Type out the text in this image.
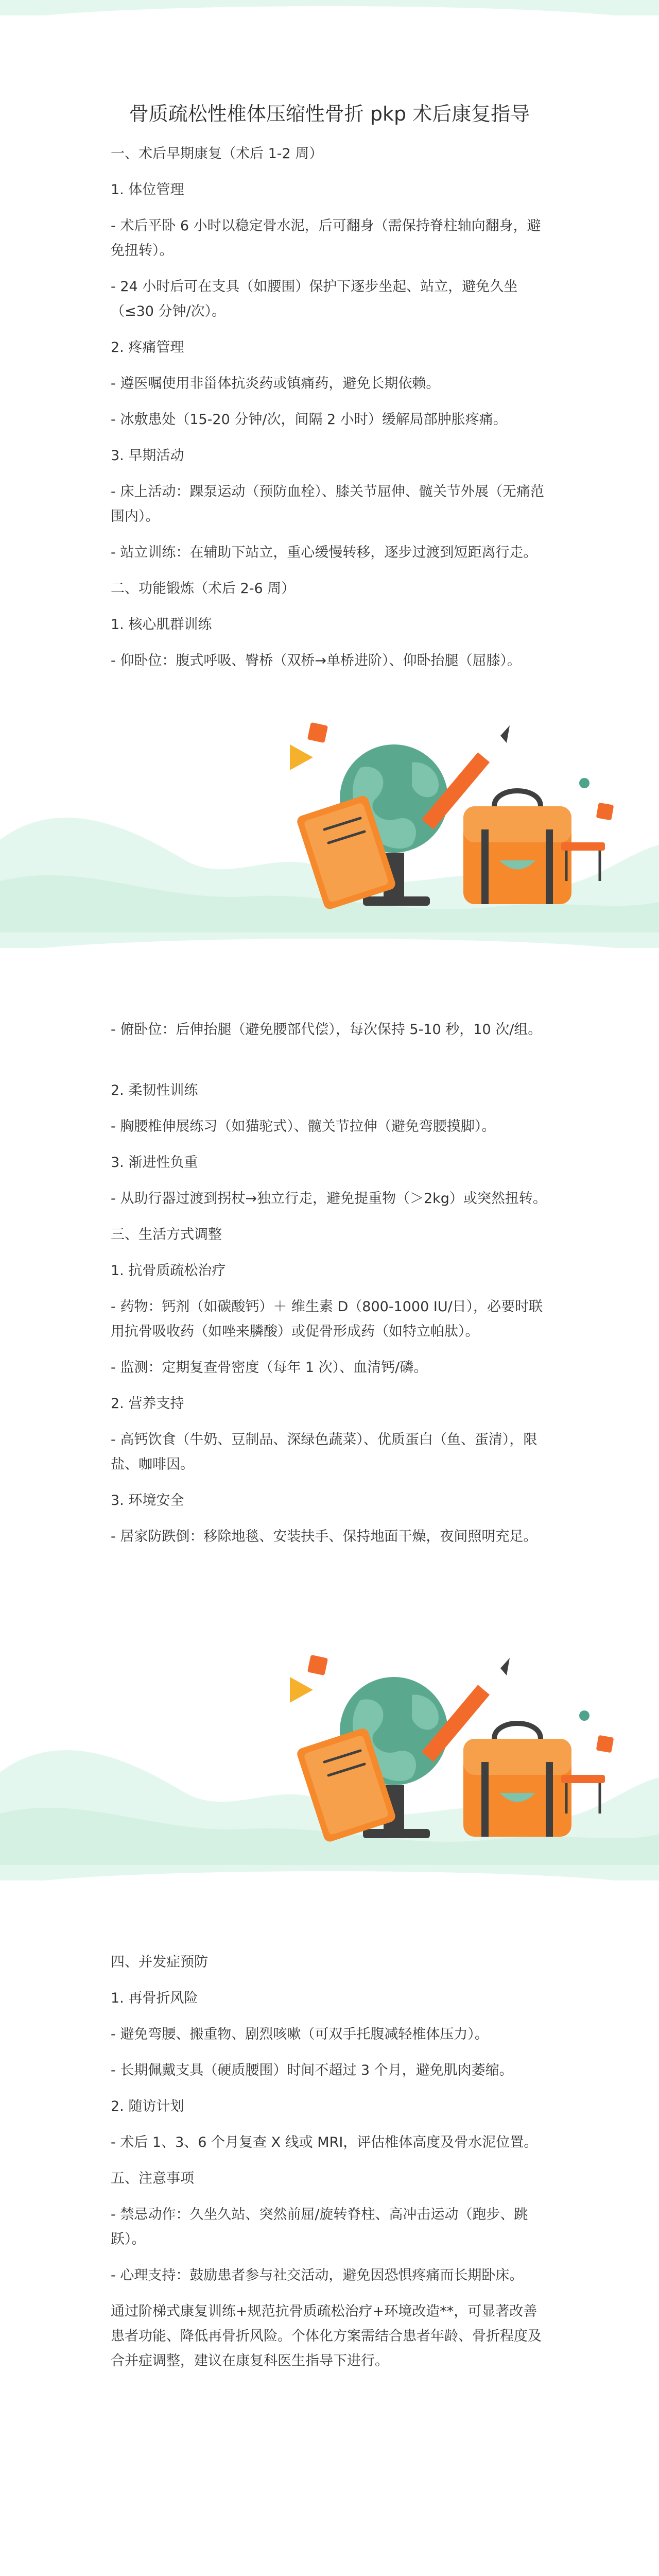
骨质疏松性椎体压缩性骨折 pkp 术后康复指导

一、术后早期康复（术后 1-2 周）

1. 体位管理

- 术后平卧 6 小时以稳定骨水泥，后可翻身（需保持脊柱轴向翻身，避免扭转）。

- 24 小时后可在支具（如腰围）保护下逐步坐起、站立，避免久坐（≤30 分钟/次）。

2. 疼痛管理

- 遵医嘱使用非甾体抗炎药或镇痛药，避免长期依赖。

- 冰敷患处（15-20 分钟/次，间隔 2 小时）缓解局部肿胀疼痛。

3. 早期活动

- 床上活动：踝泵运动（预防血栓）、膝关节屈伸、髋关节外展（无痛范围内）。

- 站立训练：在辅助下站立，重心缓慢转移，逐步过渡到短距离行走。

二、功能锻炼（术后 2-6 周）

1. 核心肌群训练

- 仰卧位：腹式呼吸、臀桥（双桥→单桥进阶）、仰卧抬腿（屈膝）。

- 俯卧位：后伸抬腿（避免腰部代偿），每次保持 5-10 秒，10 次/组。

2. 柔韧性训练

- 胸腰椎伸展练习（如猫驼式）、髋关节拉伸（避免弯腰摸脚）。

3. 渐进性负重

- 从助行器过渡到拐杖→独立行走，避免提重物（＞2kg）或突然扭转。

三、生活方式调整

1. 抗骨质疏松治疗

- 药物：钙剂（如碳酸钙）＋ 维生素 D（800-1000 IU/日），必要时联用抗骨吸收药（如唑来膦酸）或促骨形成药（如特立帕肽）。

- 监测：定期复查骨密度（每年 1 次）、血清钙/磷。

2. 营养支持

- 高钙饮食（牛奶、豆制品、深绿色蔬菜）、优质蛋白（鱼、蛋清），限盐、咖啡因。

3. 环境安全

- 居家防跌倒：移除地毯、安装扶手、保持地面干燥，夜间照明充足。

四、并发症预防

1. 再骨折风险

- 避免弯腰、搬重物、剧烈咳嗽（可双手托腹减轻椎体压力）。

- 长期佩戴支具（硬质腰围）时间不超过 3 个月，避免肌肉萎缩。

2. 随访计划

- 术后 1、3、6 个月复查 X 线或 MRI，评估椎体高度及骨水泥位置。

五、注意事项

- 禁忌动作：久坐久站、突然前屈/旋转脊柱、高冲击运动（跑步、跳跃）。

- 心理支持：鼓励患者参与社交活动，避免因恐惧疼痛而长期卧床。

通过阶梯式康复训练+规范抗骨质疏松治疗+环境改造**，可显著改善患者功能、降低再骨折风险。个体化方案需结合患者年龄、骨折程度及合并症调整，建议在康复科医生指导下进行。
